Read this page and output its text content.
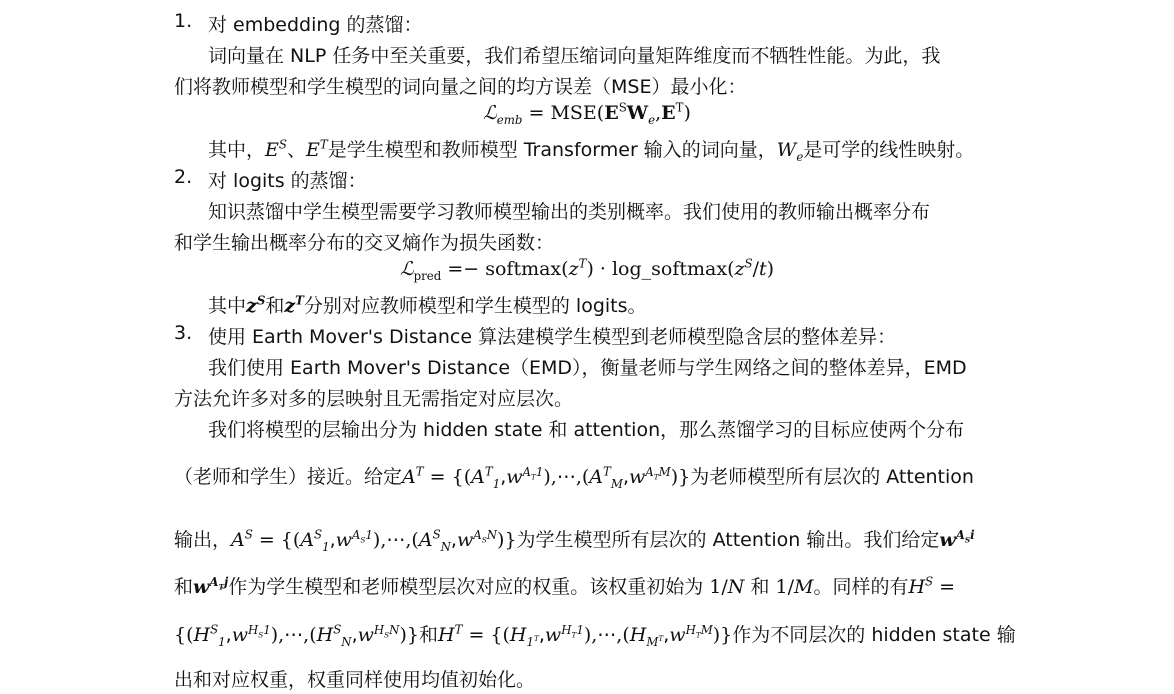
1. 对 embedding 的蒸馏：
词向量在 NLP 任务中至关重要，我们希望压缩词向量矩阵维度而不牺牲性能。为此，我
们将教师模型和学生模型的词向量之间的均方误差（MSE）最小化：
ℒ$_{emb}$ = $MSE(E^SW_e,E^T)$
其中，$E^S$、$E^T$是学生模型和教师模型 Transformer 输入的词向量，$W_e$是可学的线性映射。
2. 对 logits 的蒸馏：
知识蒸馏中学生模型需要学习教师模型输出的类别概率。我们使用的教师输出概率分布
和学生输出概率分布的交叉熵作为损失函数：
ℒ$_{pred}$ =− $softmax(z^T)$ · $\log\_softmax(z^S/t)$
其中$z^S$和$z^T$分别对应教师模型和学生模型的 logits。
3. 使用 Earth Mover's Distance 算法建模学生模型到老师模型隐含层的整体差异：
我们使用 Earth Mover's Distance（EMD），衡量老师与学生网络之间的整体差异，EMD
方法允许多对多的层映射且无需指定对应层次。
我们将模型的层输出分为 hidden state 和 attention，那么蒸馏学习的目标应使两个分布
（老师和学生）接近。给定$A^T$ = $\{(A^T_1,w^{A_T1}),\cdots,(A^T_M,w^{A_TM})\}$为老师模型所有层次的 Attention
输出，$A^S$ = $\{(A^S_1,w^{A_S1}),\cdots,(A^S_N,w^{A_SN})\}$为学生模型所有层次的 Attention 输出。我们给定$w^{A_Si}$
和$w^{A_Tj}$作为学生模型和老师模型层次对应的权重。该权重初始为 1/N 和 1/M。同样的有$H^S$ =
$\{(H^S_1,w^{H_S1}),\cdots,(H^S_N,w^{H_SN})\}$和$H^T$ = $\{(H_{1^T},w^{H_T1}),\cdots,(H_{M^T},w^{H_TM})\}$作为不同层次的 hidden state 输
出和对应权重，权重同样使用均值初始化。
